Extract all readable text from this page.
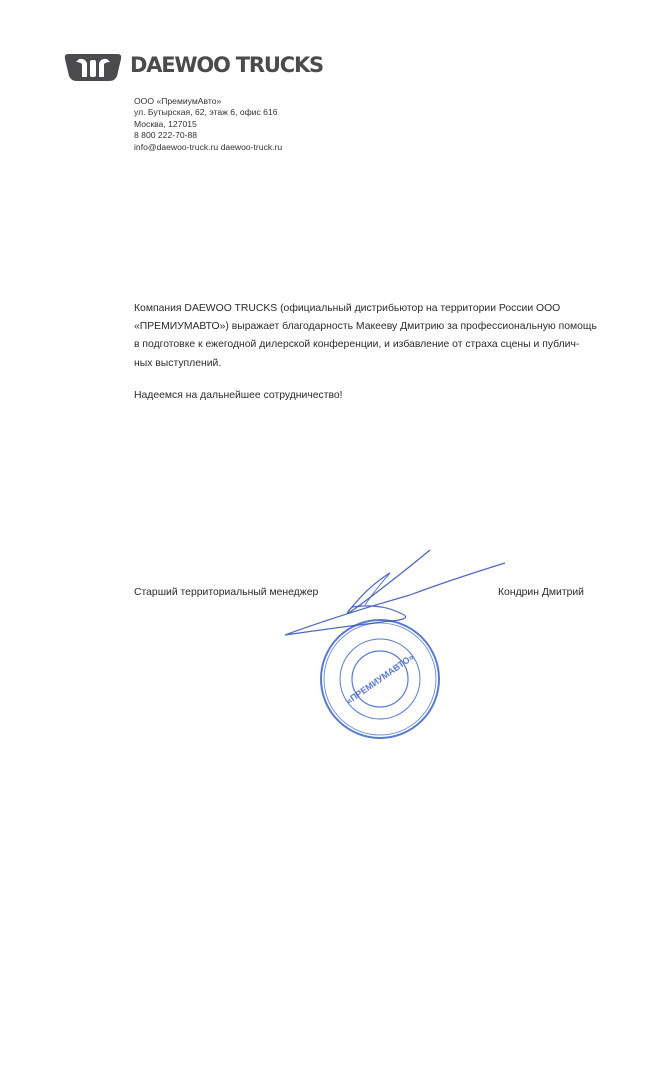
DAEWOO TRUCKS
ООО «ПремиумАвто»
ул. Бутырская, 62, этаж 6, офис 616
Москва, 127015
8 800 222-70-88
info@daewoo-truck.ru daewoo-truck.ru
Компания DAEWOO TRUCKS (официальный дистрибьютор на территории России ООО
«ПРЕМИУМАВТО») выражает благодарность Макееву Дмитрию за профессиональную помощь
в подготовке к ежегодной дилерской конференции, и избавление от страха сцены и публич-
ных выступлений.
Надеемся на дальнейшее сотрудничество!
Старший территориальный менеджер	Кондрин Дмитрий
«ПРЕМИУМАВТО»
